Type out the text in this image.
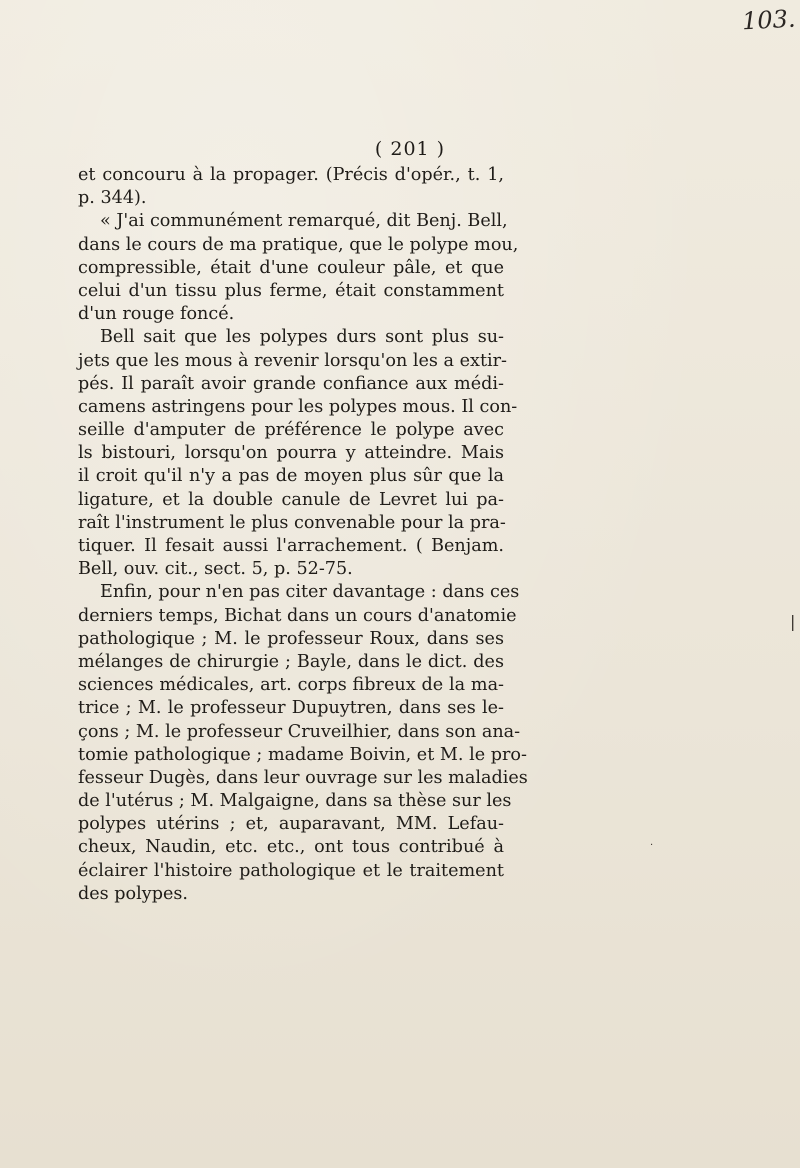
103.
( 201 )
et concouru à la propager. (Précis d'opér., t. 1,
p. 344).
« J'ai communément remarqué, dit Benj. Bell,
dans le cours de ma pratique, que le polype mou,
compressible, était d'une couleur pâle, et que
celui d'un tissu plus ferme, était constamment
d'un rouge foncé.
Bell sait que les polypes durs sont plus su-
jets que les mous à revenir lorsqu'on les a extir-
pés. Il paraît avoir grande confiance aux médi-
camens astringens pour les polypes mous. Il con-
seille d'amputer de préférence le polype avec
ls bistouri, lorsqu'on pourra y atteindre. Mais
il croit qu'il n'y a pas de moyen plus sûr que la
ligature, et la double canule de Levret lui pa-
raît l'instrument le plus convenable pour la pra-
tiquer. Il fesait aussi l'arrachement. ( Benjam.
Bell, ouv. cit., sect. 5, p. 52-75.
Enfin, pour n'en pas citer davantage : dans ces
derniers temps, Bichat dans un cours d'anatomie
pathologique ; M. le professeur Roux, dans ses
mélanges de chirurgie ; Bayle, dans le dict. des
sciences médicales, art. corps fibreux de la ma-
trice ; M. le professeur Dupuytren, dans ses le-
çons ; M. le professeur Cruveilhier, dans son ana-
tomie pathologique ; madame Boivin, et M. le pro-
fesseur Dugès, dans leur ouvrage sur les maladies
de l'utérus ; M. Malgaigne, dans sa thèse sur les
polypes utérins ; et, auparavant, MM. Lefau-
cheux, Naudin, etc. etc., ont tous contribué à
éclairer l'histoire pathologique et le traitement
des polypes.
|
·
